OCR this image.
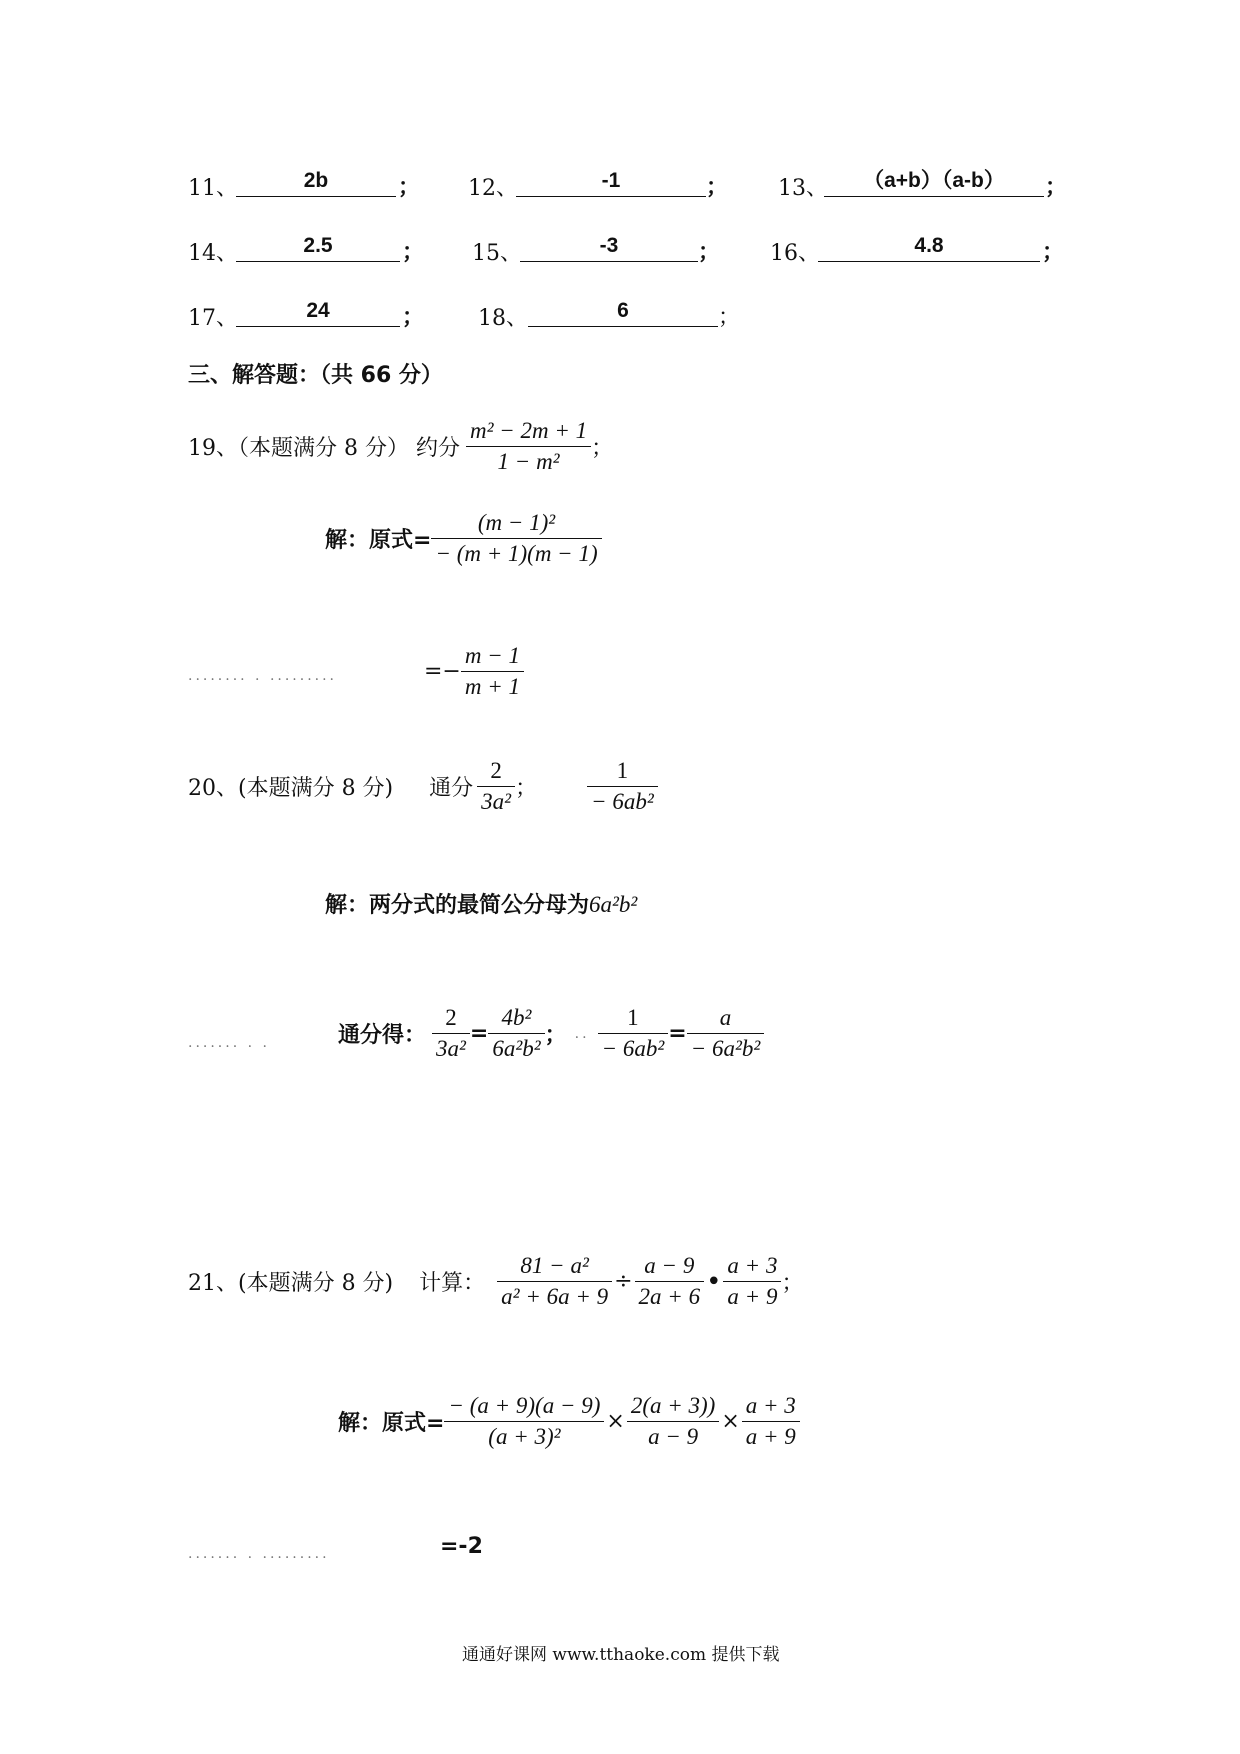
11、	2b	； 12、	-1	； 13、	（a+b）（a-b）	；
14、	2.5	； 15、	-3	； 16、	4.8	；
17、	24	； 18、	6	；
三、解答题：（共 66 分）
19、（本题满分 8 分） 约分 $\frac{\text{m² − 2m + 1}}{\text{1 − m²}}$ ；
解：原式= $\frac{\text{(m − 1)²}}{- (m + 1)(m - 1)}$
........ . .........	=− $\frac{m - 1}{m + 1}$
20、(本题满分 8 分) 通分 $\frac{2}{\text{3a²}}$ ； $\frac{1}{\text{− 6ab²}}$
解：两分式的最简公分母为6a²b²
....... . .	通分得： $\frac{2}{\text{3a²}} = \frac{\text{4b²}}{\text{6a²b²}}$ ； .. $\frac{1}{\text{− 6ab²}} = \frac{a}{\text{− 6a²b²}}$
21、(本题满分 8 分) 计算： $\frac{\text{81 − a²}}{\text{a² + 6a + 9}} \div \frac{a - 9}{2a + 6}$ • $\frac{a + 3}{a + 9}$ ；
解：原式= $\frac{- (a + 9)(a - 9)}{\text{(a + 3)²}} \times \frac{2(a + 3))}{a - 9} \times \frac{a + 3}{a + 9}$
....... . .........	=-2
通通好课网 www.tthaoke.com 提供下载
